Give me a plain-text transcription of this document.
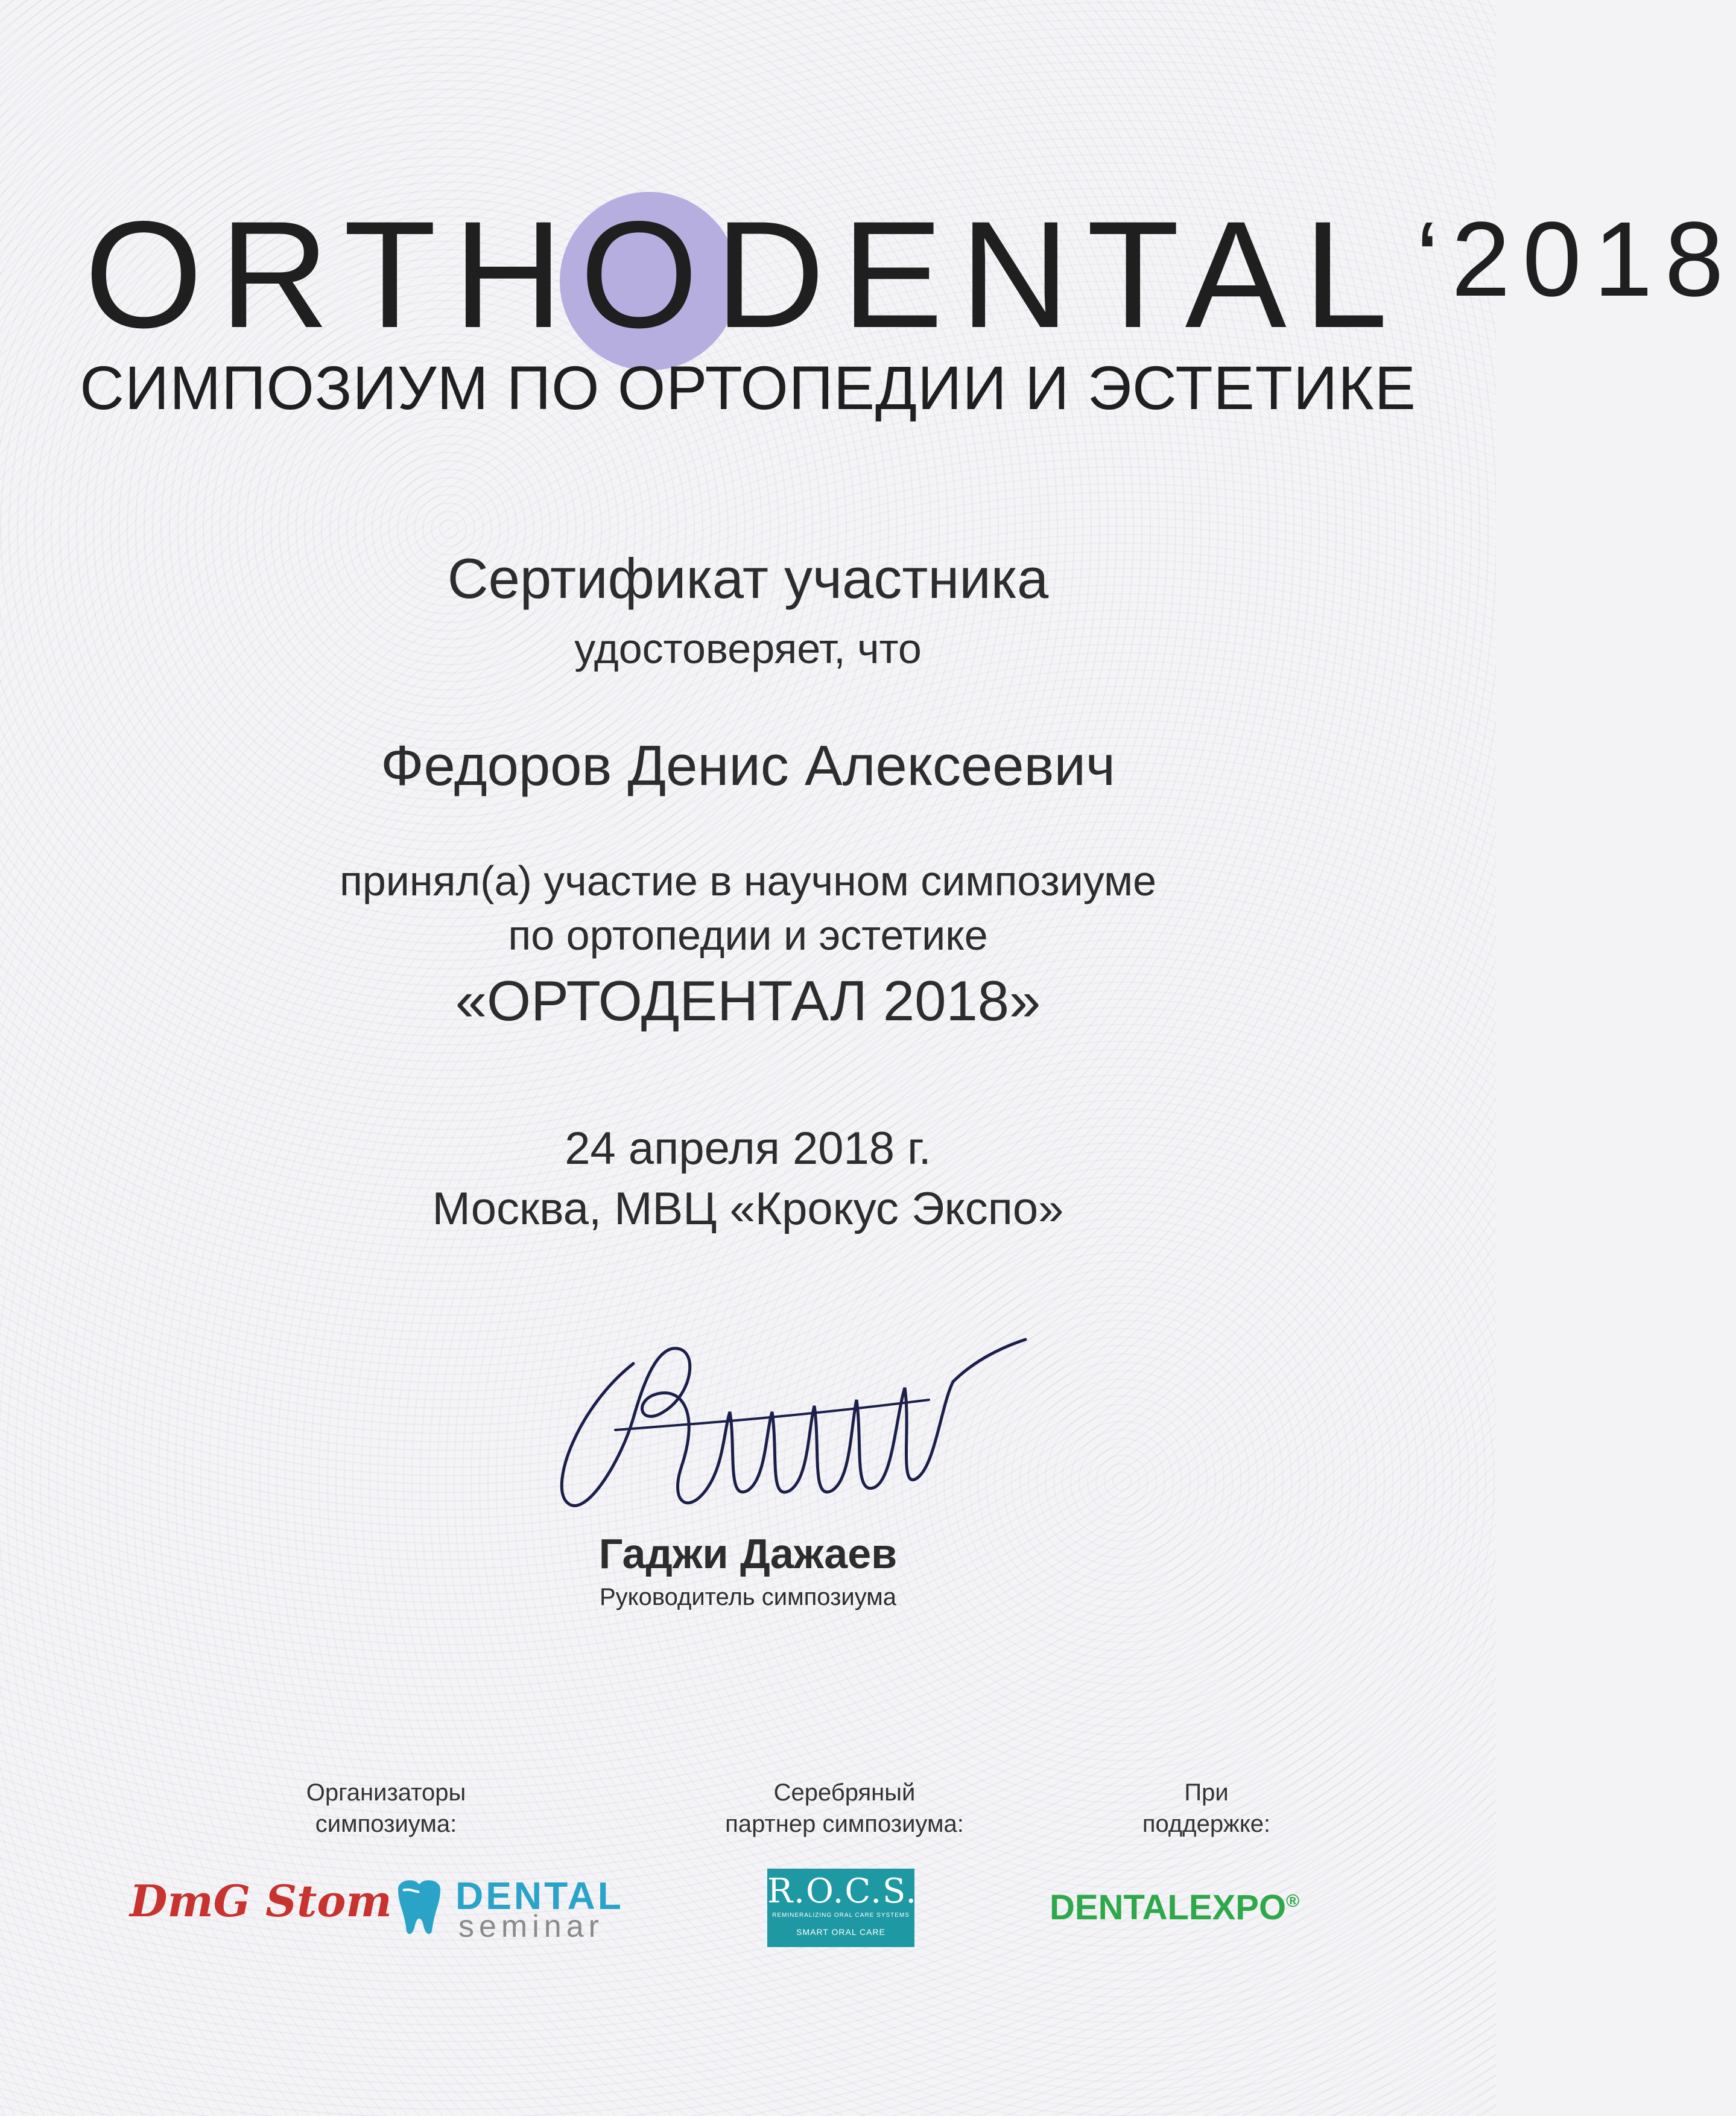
ORTHODENTAL $^{‘2018}$
СИМПОЗИУМ ПО ОРТОПЕДИИ И ЭСТЕТИКЕ
Сертификат участника
удостоверяет, что
Федоров Денис Алексеевич
принял(а) участие в научном симпозиуме
по ортопедии и эстетике
«ОРТОДЕНТАЛ 2018»
24 апреля 2018 г.
Москва, МВЦ «Крокус Экспо»
Гаджи Дажаев
Руководитель симпозиума
Организаторы
симпозиума:
Серебряный
партнер симпозиума:
При
поддержке:
DmG Stom DENTAL
seminar
R.O.C.S.
REMINERALIZING ORAL CARE SYSTEMS
SMART ORAL CARE
DENTALEXPO®
